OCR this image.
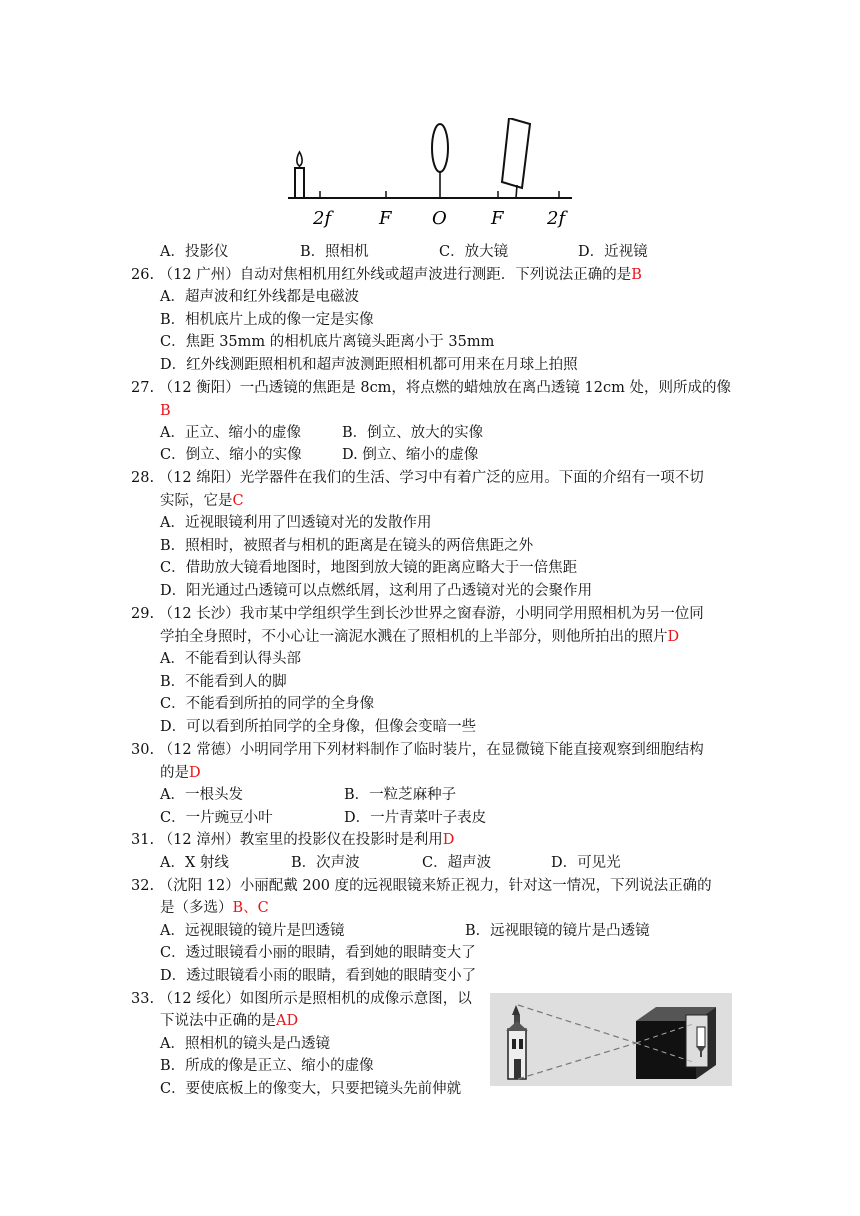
2f	F O F 2f
A．投影仪	B．照相机	C．放大镜	D．近视镜
26. （12 广州）自动对焦相机用红外线或超声波进行测距．下列说法正确的是B
A．超声波和红外线都是电磁波
B．相机底片上成的像一定是实像
C．焦距 35mm 的相机底片离镜头距离小于 35mm
D．红外线测距照相机和超声波测距照相机都可用来在月球上拍照
27. （12 衡阳）一凸透镜的焦距是 8cm，将点燃的蜡烛放在离凸透镜 12cm 处，则所成的像
B
A．正立、缩小的虚像	B．倒立、放大的实像
C．倒立、缩小的实像	D. 倒立、缩小的虚像
28. （12 绵阳）光学器件在我们的生活、学习中有着广泛的应用。下面的介绍有一项不切
实际，它是C
A．近视眼镜利用了凹透镜对光的发散作用
B．照相时，被照者与相机的距离是在镜头的两倍焦距之外
C．借助放大镜看地图时，地图到放大镜的距离应略大于一倍焦距
D．阳光通过凸透镜可以点燃纸屑，这利用了凸透镜对光的会聚作用
29. （12 长沙）我市某中学组织学生到长沙世界之窗春游，小明同学用照相机为另一位同
学拍全身照时，不小心让一滴泥水溅在了照相机的上半部分，则他所拍出的照片D
A．不能看到认得头部
B．不能看到人的脚
C．不能看到所拍的同学的全身像
D．可以看到所拍同学的全身像，但像会变暗一些
30. （12 常德）小明同学用下列材料制作了临时装片，在显微镜下能直接观察到细胞结构
的是D
A．一根头发	B．一粒芝麻种子
C．一片豌豆小叶	D．一片青菜叶子表皮
31. （12 漳州）教室里的投影仪在投影时是利用D
A．X 射线	B．次声波	C．超声波	D．可见光
32. （沈阳 12）小丽配戴 200 度的远视眼镜来矫正视力，针对这一情况，下列说法正确的
是（多选）B、C
A．远视眼镜的镜片是凹透镜	B．远视眼镜的镜片是凸透镜
C．透过眼镜看小丽的眼睛，看到她的眼睛变大了
D．透过眼镜看小雨的眼睛，看到她的眼睛变小了
33. （12 绥化）如图所示是照相机的成像示意图，以
下说法中正确的是AD
A．照相机的镜头是凸透镜
B．所成的像是正立、缩小的虚像
C．要使底板上的像变大，只要把镜头先前伸就
